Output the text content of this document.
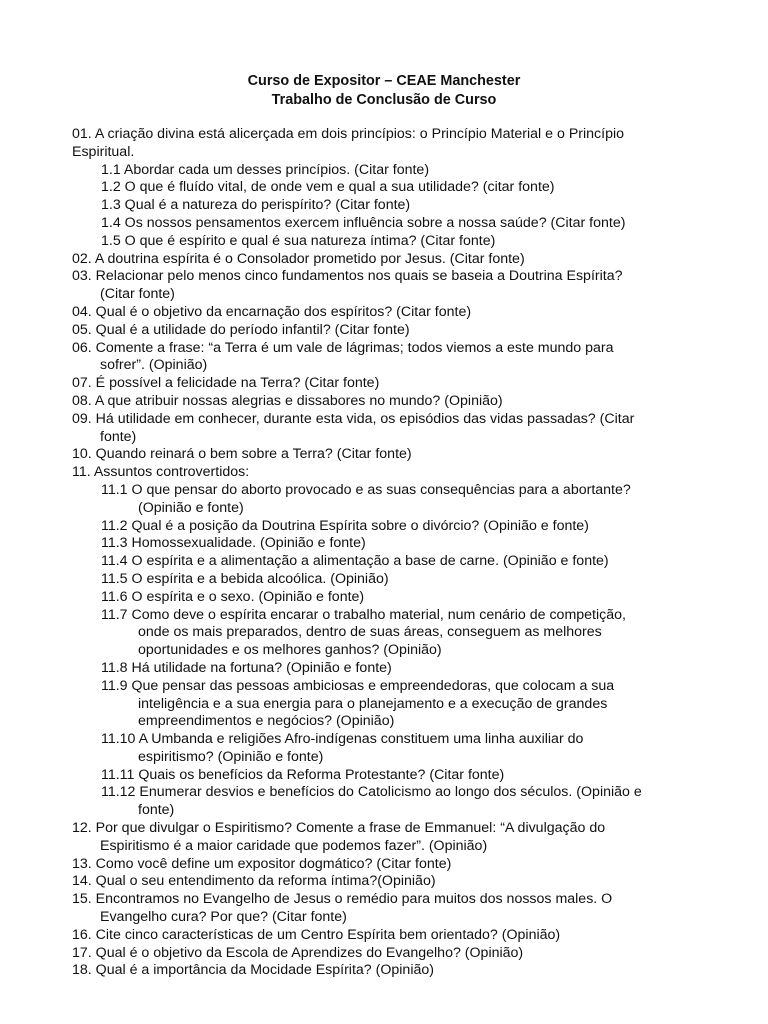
Curso de Expositor – CEAE Manchester
Trabalho de Conclusão de Curso
01. A criação divina está alicerçada em dois princípios: o Princípio Material e o Princípio
Espiritual.
1.1 Abordar cada um desses princípios. (Citar fonte)
1.2 O que é fluído vital, de onde vem e qual a sua utilidade? (citar fonte)
1.3 Qual é a natureza do perispírito? (Citar fonte)
1.4 Os nossos pensamentos exercem influência sobre a nossa saúde? (Citar fonte)
1.5 O que é espírito e qual é sua natureza íntima? (Citar fonte)
02. A doutrina espírita é o Consolador prometido por Jesus. (Citar fonte)
03. Relacionar pelo menos cinco fundamentos nos quais se baseia a Doutrina Espírita?
(Citar fonte)
04. Qual é o objetivo da encarnação dos espíritos? (Citar fonte)
05. Qual é a utilidade do período infantil? (Citar fonte)
06. Comente a frase: “a Terra é um vale de lágrimas; todos viemos a este mundo para
sofrer”. (Opinião)
07. É possível a felicidade na Terra? (Citar fonte)
08. A que atribuir nossas alegrias e dissabores no mundo? (Opinião)
09. Há utilidade em conhecer, durante esta vida, os episódios das vidas passadas? (Citar
fonte)
10. Quando reinará o bem sobre a Terra? (Citar fonte)
11. Assuntos controvertidos:
11.1 O que pensar do aborto provocado e as suas consequências para a abortante?
(Opinião e fonte)
11.2 Qual é a posição da Doutrina Espírita sobre o divórcio? (Opinião e fonte)
11.3 Homossexualidade. (Opinião e fonte)
11.4 O espírita e a alimentação a alimentação a base de carne. (Opinião e fonte)
11.5 O espírita e a bebida alcoólica. (Opinião)
11.6 O espírita e o sexo. (Opinião e fonte)
11.7 Como deve o espírita encarar o trabalho material, num cenário de competição,
onde os mais preparados, dentro de suas áreas, conseguem as melhores
oportunidades e os melhores ganhos? (Opinião)
11.8 Há utilidade na fortuna? (Opinião e fonte)
11.9 Que pensar das pessoas ambiciosas e empreendedoras, que colocam a sua
inteligência e a sua energia para o planejamento e a execução de grandes
empreendimentos e negócios? (Opinião)
11.10 A Umbanda e religiões Afro-indígenas constituem uma linha auxiliar do
espiritismo? (Opinião e fonte)
11.11 Quais os benefícios da Reforma Protestante? (Citar fonte)
11.12 Enumerar desvios e benefícios do Catolicismo ao longo dos séculos. (Opinião e
fonte)
12. Por que divulgar o Espiritismo? Comente a frase de Emmanuel: “A divulgação do
Espiritismo é a maior caridade que podemos fazer”. (Opinião)
13. Como você define um expositor dogmático? (Citar fonte)
14. Qual o seu entendimento da reforma íntima?(Opinião)
15. Encontramos no Evangelho de Jesus o remédio para muitos dos nossos males. O
Evangelho cura? Por que? (Citar fonte)
16. Cite cinco características de um Centro Espírita bem orientado? (Opinião)
17. Qual é o objetivo da Escola de Aprendizes do Evangelho? (Opinião)
18. Qual é a importância da Mocidade Espírita? (Opinião)
